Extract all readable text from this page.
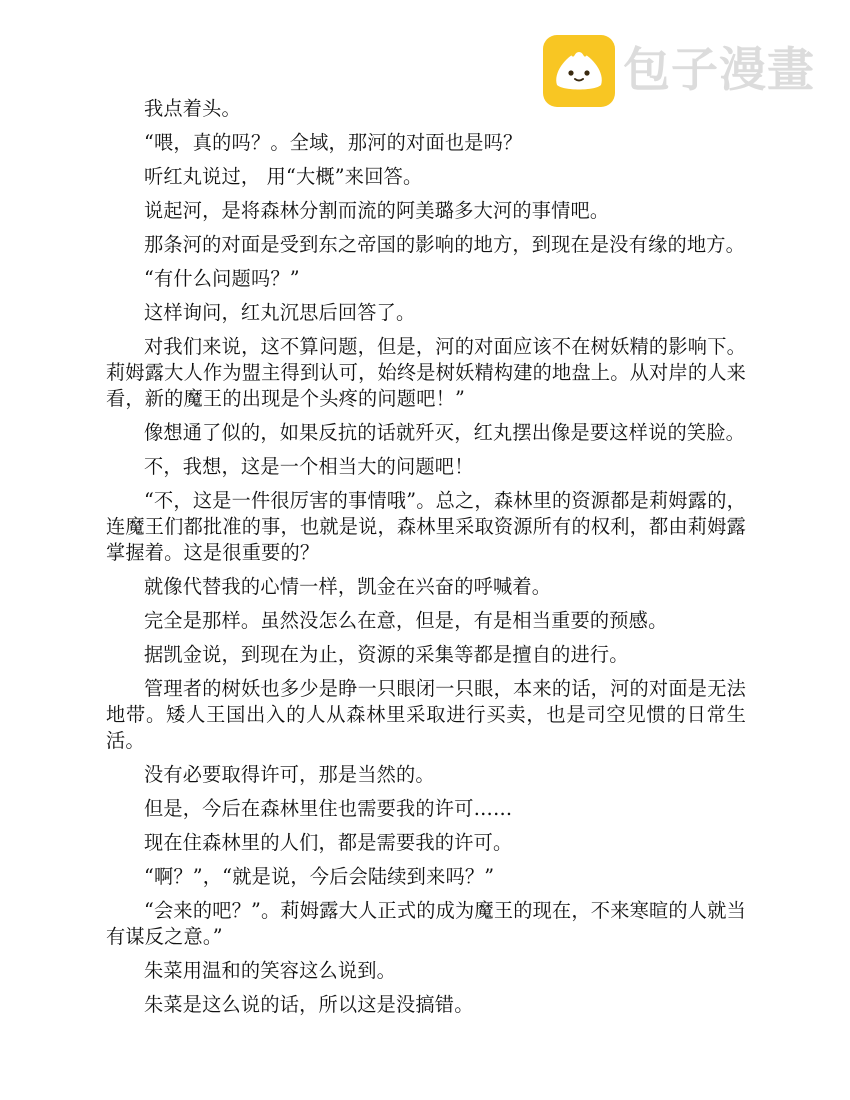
包子漫畫

我点着头。

“喂，真的吗？。全域，那河的对面也是吗？

听红丸说过， 用“大概”来回答。

说起河，是将森林分割而流的阿美璐多大河的事情吧。

那条河的对面是受到东之帝国的影响的地方，到现在是没有缘的地方。

“有什么问题吗？”

这样询问，红丸沉思后回答了。

对我们来说，这不算问题，但是，河的对面应该不在树妖精的影响下。莉姆露大人作为盟主得到认可，始终是树妖精构建的地盘上。从对岸的人来看，新的魔王的出现是个头疼的问题吧！”

像想通了似的，如果反抗的话就歼灭，红丸摆出像是要这样说的笑脸。

不，我想，这是一个相当大的问题吧！

“不，这是一件很厉害的事情哦”。总之，森林里的资源都是莉姆露的，连魔王们都批准的事，也就是说，森林里采取资源所有的权利，都由莉姆露掌握着。这是很重要的？

就像代替我的心情一样，凯金在兴奋的呼喊着。

完全是那样。虽然没怎么在意，但是，有是相当重要的预感。

据凯金说，到现在为止，资源的采集等都是擅自的进行。

管理者的树妖也多少是睁一只眼闭一只眼，本来的话，河的对面是无法地带。矮人王国出入的人从森林里采取进行买卖，也是司空见惯的日常生活。

没有必要取得许可，那是当然的。

但是，今后在森林里住也需要我的许可……

现在住森林里的人们，都是需要我的许可。

“啊？”，“就是说，今后会陆续到来吗？”

“会来的吧？”。莉姆露大人正式的成为魔王的现在，不来寒暄的人就当有谋反之意。”

朱菜用温和的笑容这么说到。

朱菜是这么说的话，所以这是没搞错。
